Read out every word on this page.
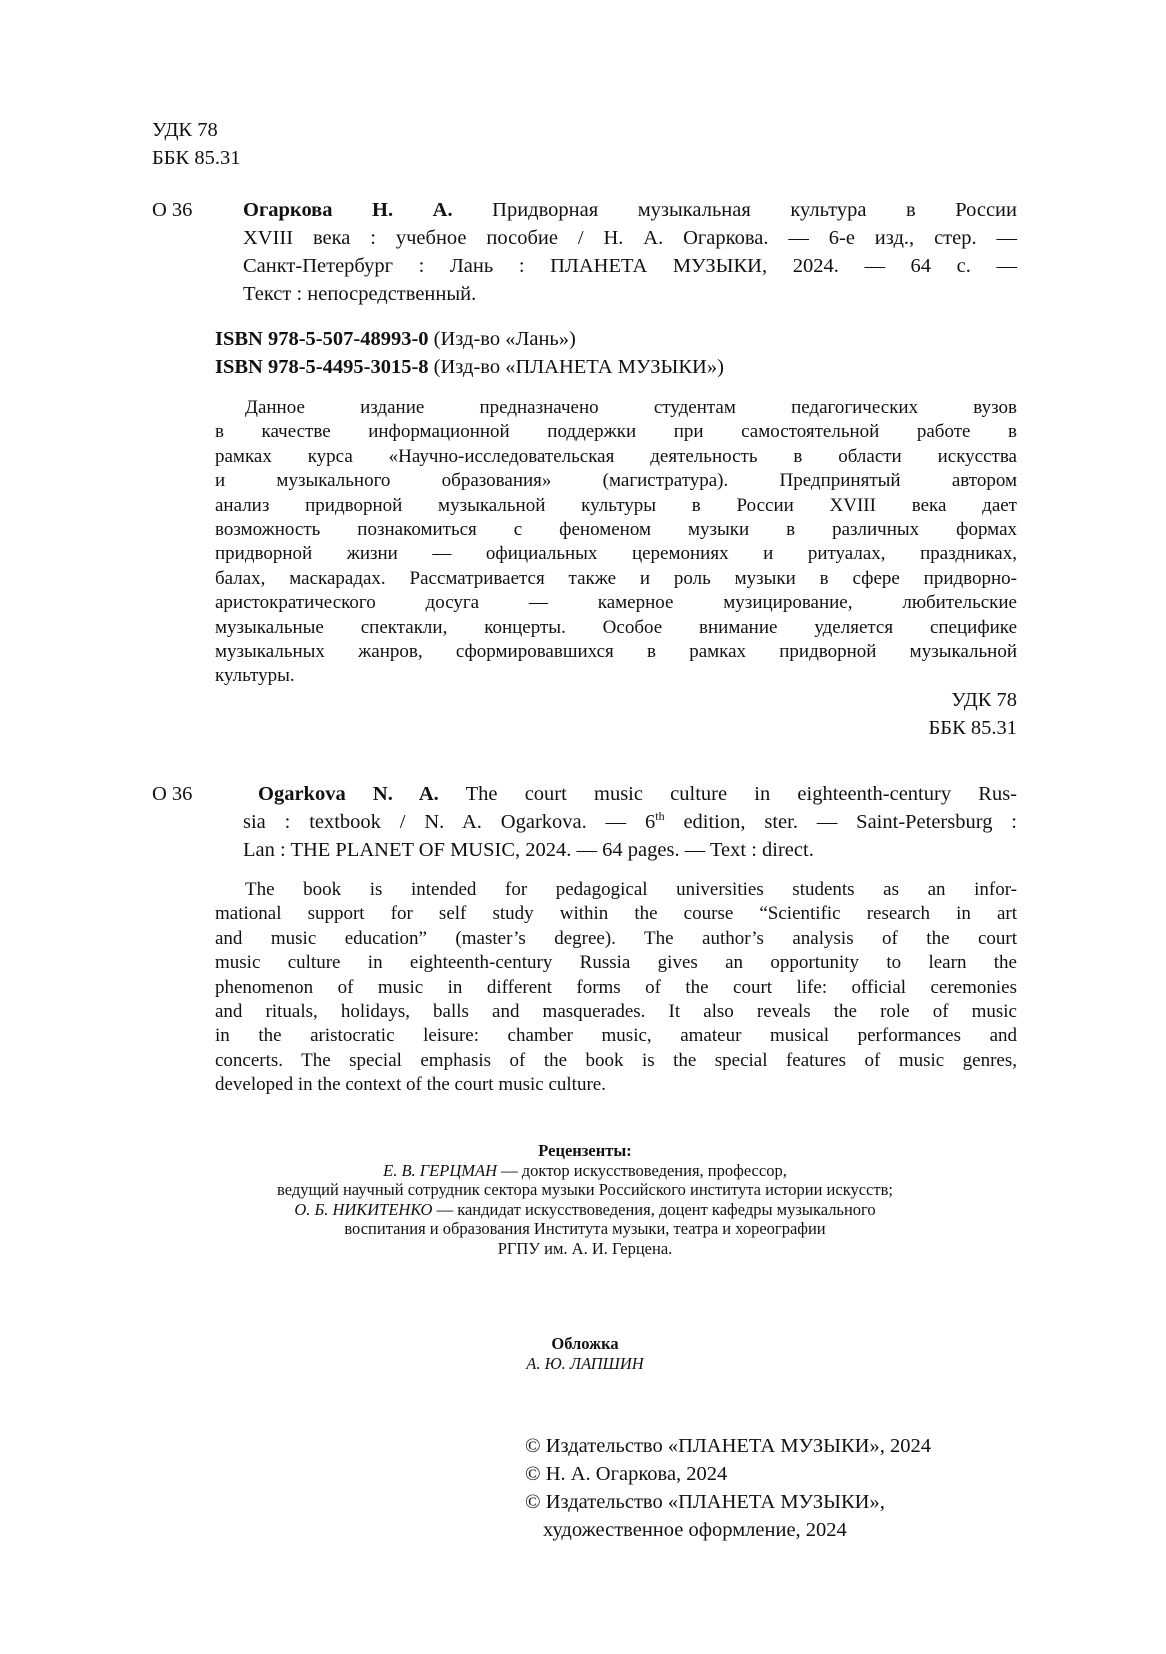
УДК 78
ББК 85.31
О 36 Огаркова Н. А. Придворная музыкальная культура в России
XVIII века : учебное пособие / Н. А. Огаркова. — 6-е изд., стер. —
Санкт-Петербург : Лань : ПЛАНЕТА МУЗЫКИ, 2024. — 64 с. —
Текст : непосредственный.
ISBN 978-5-507-48993-0 (Изд-во «Лань»)
ISBN 978-5-4495-3015-8 (Изд-во «ПЛАНЕТА МУЗЫКИ»)
Данное издание предназначено студентам педагогических вузов
в качестве информационной поддержки при самостоятельной работе в
рамках курса «Научно-исследовательская деятельность в области искусства
и музыкального образования» (магистратура). Предпринятый автором
анализ придворной музыкальной культуры в России XVIII века дает
возможность познакомиться с феноменом музыки в различных формах
придворной жизни — официальных церемониях и ритуалах, праздниках,
балах, маскарадах. Рассматривается также и роль музыки в сфере придворно-
аристократического досуга — камерное музицирование, любительские
музыкальные спектакли, концерты. Особое внимание уделяется специфике
музыкальных жанров, сформировавшихся в рамках придворной музыкальной
культуры.
УДК 78
ББК 85.31
О 36	Ogarkova N. A. The court music culture in eighteenth-century Rus-
sia : textbook / N. A. Ogarkova. — 6th edition, ster. — Saint-Petersburg :
Lan : THE PLANET OF MUSIC, 2024. — 64 pages. — Text : direct.
The book is intended for pedagogical universities students as an infor-
mational support for self study within the course “Scientific research in art
and music education” (master’s degree). The author’s analysis of the court
music culture in eighteenth-century Russia gives an opportunity to learn the
phenomenon of music in different forms of the court life: official ceremonies
and rituals, holidays, balls and masquerades. It also reveals the role of music
in the aristocratic leisure: chamber music, amateur musical performances and
concerts. The special emphasis of the book is the special features of music genres,
developed in the context of the court music culture.
Рецензенты:
Е. В. ГЕРЦМАН — доктор искусствоведения, профессор,
ведущий научный сотрудник сектора музыки Российского института истории искусств;
О. Б. НИКИТЕНКО — кандидат искусствоведения, доцент кафедры музыкального
воспитания и образования Института музыки, театра и хореографии
РГПУ им. А. И. Герцена.
Обложка
А. Ю. ЛАПШИН
© Издательство «ПЛАНЕТА МУЗЫКИ», 2024
© Н. А. Огаркова, 2024
© Издательство «ПЛАНЕТА МУЗЫКИ»,
художественное оформление, 2024
